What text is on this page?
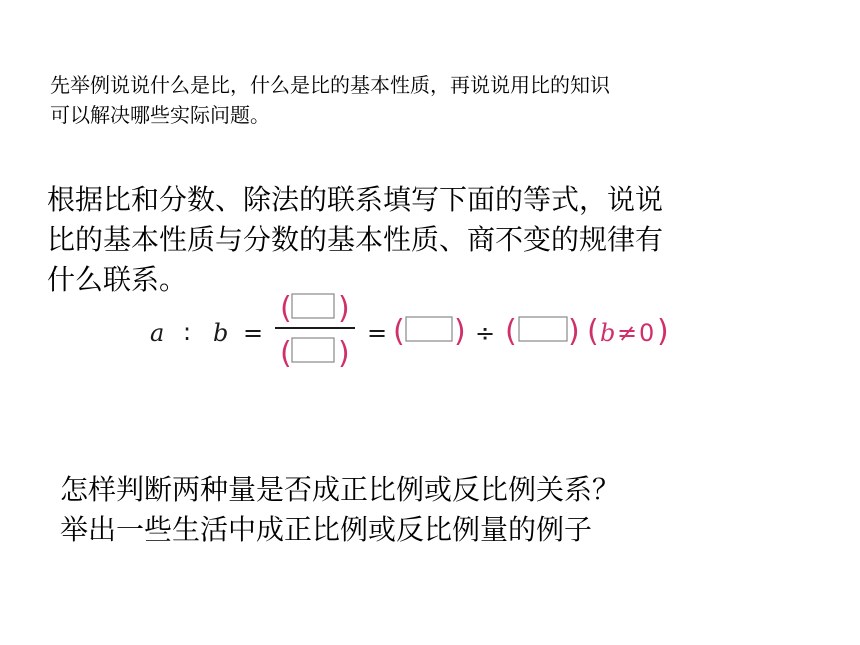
先举例说说什么是比，什么是比的基本性质，再说说用比的知识
可以解决哪些实际问题。
根据比和分数、除法的联系填写下面的等式，说说
比的基本性质与分数的基本性质、商不变的规律有
什么联系。
a : b =
( )
( )
= ( ) ÷ ( ) ( b ≠ 0 )
怎样判断两种量是否成正比例或反比例关系？
举出一些生活中成正比例或反比例量的例子
